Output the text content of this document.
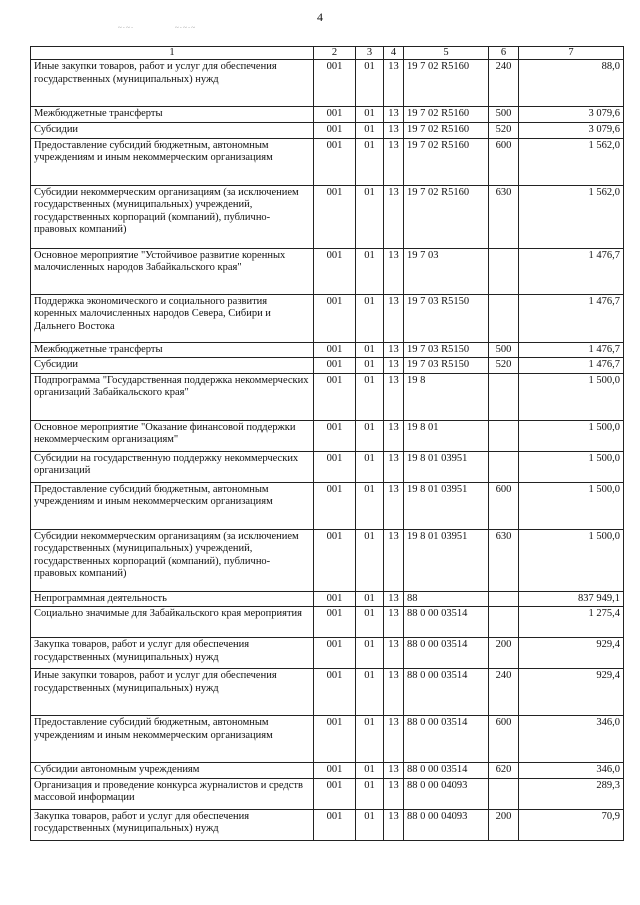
4
~·~·	~·~·~
1	2	3	4	5	6	7
Иные закупки товаров, работ и услуг для обеспечения государственных (муниципальных) нужд	001	01	13	19 7 02 R5160	240	88,0
Межбюджетные трансферты	001	01	13	19 7 02 R5160	500	3 079,6
Субсидии	001	01	13	19 7 02 R5160	520	3 079,6
Предоставление субсидий бюджетным, автономным учреждениям и иным некоммерческим организациям	001	01	13	19 7 02 R5160	600	1 562,0
Субсидии некоммерческим организациям (за исключением государственных (муниципальных) учреждений, государственных корпораций (компаний), публично-правовых компаний)	001	01	13	19 7 02 R5160	630	1 562,0
Основное мероприятие "Устойчивое развитие коренных малочисленных народов Забайкальского края"	001	01	13	19 7 03		1 476,7
Поддержка экономического и социального развития коренных малочисленных народов Севера, Сибири и Дальнего Востока	001	01	13	19 7 03 R5150		1 476,7
Межбюджетные трансферты	001	01	13	19 7 03 R5150	500	1 476,7
Субсидии	001	01	13	19 7 03 R5150	520	1 476,7
Подпрограмма "Государственная поддержка некоммерческих организаций Забайкальского края"	001	01	13	19 8		1 500,0
Основное мероприятие "Оказание финансовой поддержки некоммерческим организациям"	001	01	13	19 8 01		1 500,0
Субсидии на государственную поддержку некоммерческих организаций	001	01	13	19 8 01 03951		1 500,0
Предоставление субсидий бюджетным, автономным учреждениям и иным некоммерческим организациям	001	01	13	19 8 01 03951	600	1 500,0
Субсидии некоммерческим организациям (за исключением государственных (муниципальных) учреждений, государственных корпораций (компаний), публично-правовых компаний)	001	01	13	19 8 01 03951	630	1 500,0
Непрограммная деятельность	001	01	13	88		837 949,1
Социально значимые для Забайкальского края мероприятия	001	01	13	88 0 00 03514		1 275,4
Закупка товаров, работ и услуг для обеспечения государственных (муниципальных) нужд	001	01	13	88 0 00 03514	200	929,4
Иные закупки товаров, работ и услуг для обеспечения государственных (муниципальных) нужд	001	01	13	88 0 00 03514	240	929,4
Предоставление субсидий бюджетным, автономным учреждениям и иным некоммерческим организациям	001	01	13	88 0 00 03514	600	346,0
Субсидии автономным учреждениям	001	01	13	88 0 00 03514	620	346,0
Организация и проведение конкурса журналистов и средств массовой информации	001	01	13	88 0 00 04093		289,3
Закупка товаров, работ и услуг для обеспечения государственных (муниципальных) нужд	001	01	13	88 0 00 04093	200	70,9
